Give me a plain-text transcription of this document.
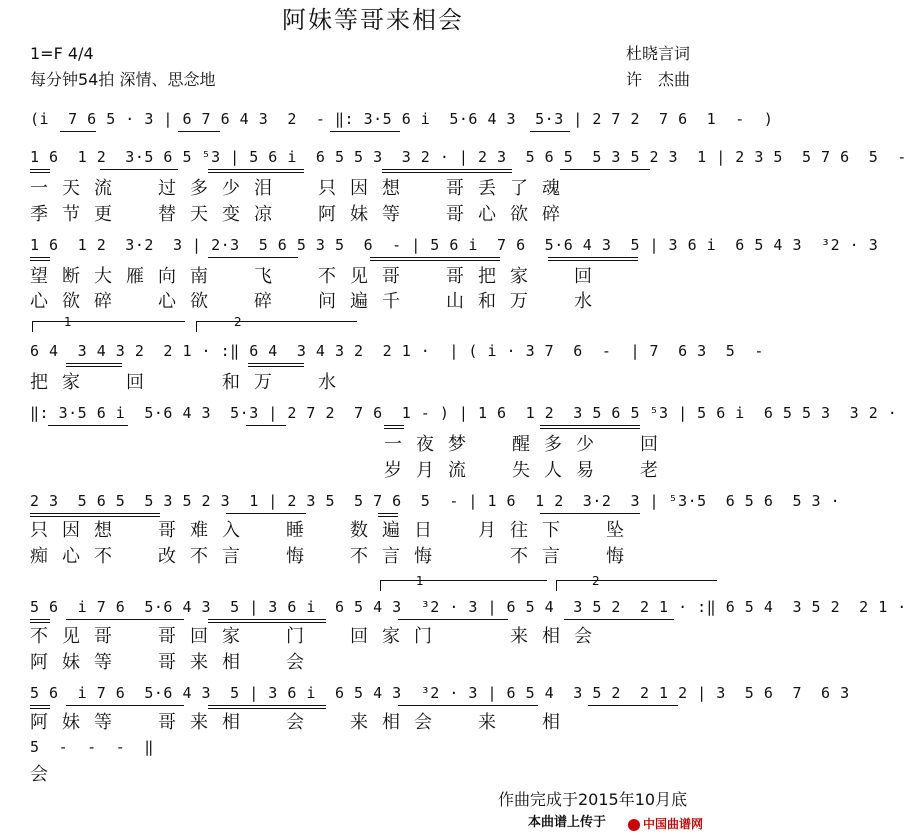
阿妹等哥来相会
1=F 4/4
每分钟54拍 深情、思念地
杜晓言词
许　杰曲
(i  7 6 5 · 3 | 6 7 6 4 3  2  - ‖: 3·5 6 i  5·6 4 3  5·3 | 2 7 2  7 6  1  -  )
1 6  1 2  3·5 6 5 ⁵3 | 5 6 i  6 5 5 3  3 2 · | 2 3  5 6 5  5 3 5 2 3  1 | 2 3 5  5 7 6  5  -
一天流　过多少泪　只因想　哥丢了魂
季节更　替天变凉　阿妹等　哥心欲碎
1 6  1 2  3·2  3 | 2·3  5 6 5 3 5  6  - | 5 6 i  7 6  5·6 4 3  5 | 3 6 i  6 5 4 3  ³2 · 3
望断大雁向南　飞　不见哥　哥把家　回
心欲碎　心欲　碎　问遍千　山和万　水
1	2
6 4  3 4 3 2  2 1 · :‖ 6 4  3 4 3 2  2 1 ·  | ( i · 3 7  6  -  | 7  6 3  5  -
把家　回　　和万　水
‖: 3·5 6 i  5·6 4 3  5·3 | 2 7 2  7 6  1 - ) | 1 6  1 2  3 5 6 5 ⁵3 | 5 6 i  6 5 5 3  3 2 ·
一夜梦　醒多少　回
岁月流　失人易　老
2 3  5 6 5  5 3 5 2 3  1 | 2 3 5  5 7 6  5  - | 1 6  1 2  3·2  3 | ⁵3·5  6 5 6  5 3 ·
只因想　哥难入　睡　数遍日　月往下　坠
痴心不　改不言　悔　不言悔　　不言　悔
1	2
5 6  i 7 6  5·6 4 3  5 | 3 6 i  6 5 4 3  ³2 · 3 | 6 5 4  3 5 2  2 1 · :‖ 6 5 4  3 5 2  2 1 ·
不见哥　哥回家　门　回家门　　来相会
阿妹等　哥来相　会
5 6  i 7 6  5·6 4 3  5 | 3 6 i  6 5 4 3  ³2 · 3 | 6 5 4  3 5 2  2 1 2 | 3  5 6  7  6 3
阿妹等　哥来相　会　来相会　来　相
5  -  -  -  ‖
会
作曲完成于2015年10月底
本曲谱上传于	中国曲谱网
